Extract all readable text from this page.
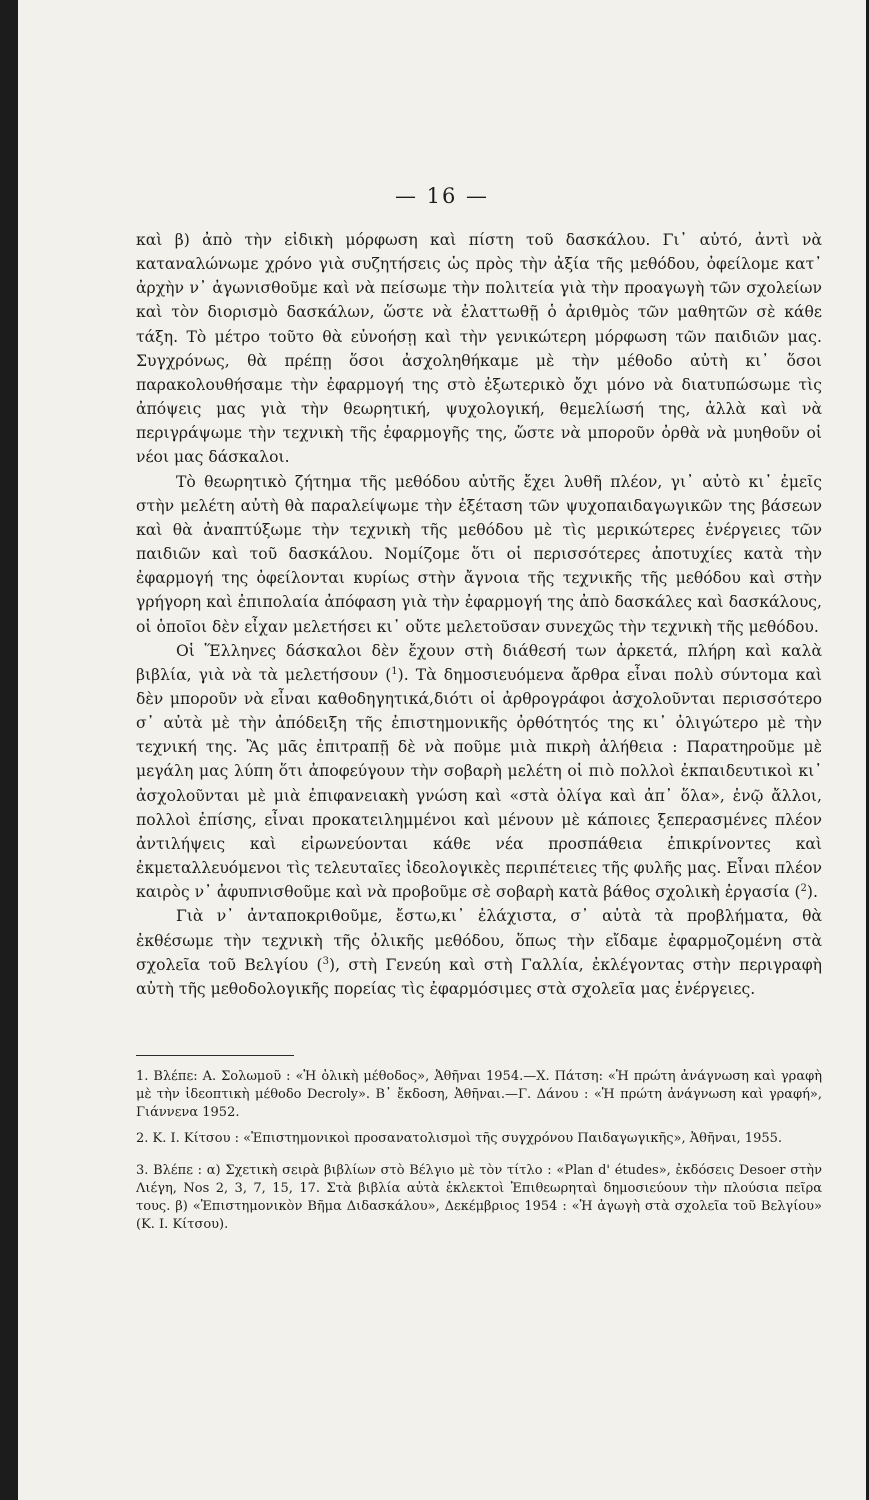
— 16 —

καὶ β) ἀπὸ τὴν εἰδικὴ μόρφωση καὶ πίστη τοῦ δασκάλου. Γι᾽ αὐτό, ἀντὶ νὰ καταναλώνωμε χρόνο γιὰ συζητήσεις ὡς πρὸς τὴν ἀξία τῆς μεθόδου, ὀφείλομε κατ᾽ ἀρχὴν ν᾽ ἀγωνισθοῦμε καὶ νὰ πείσωμε τὴν πολιτεία γιὰ τὴν προαγωγὴ τῶν σχολείων καὶ τὸν διορισμὸ δασκάλων, ὥστε νὰ ἐλαττωθῇ ὁ ἀριθμὸς τῶν μαθητῶν σὲ κάθε τάξη. Τὸ μέτρο τοῦτο θὰ εὐνοήσῃ καὶ τὴν γενικώτερη μόρφωση τῶν παιδιῶν μας. Συγχρόνως, θὰ πρέπῃ ὅσοι ἀσχοληθήκαμε μὲ τὴν μέθοδο αὐτὴ κι᾽ ὅσοι παρακολουθήσαμε τὴν ἐφαρμογή της στὸ ἐξωτερικὸ ὄχι μόνο νὰ διατυπώσωμε τὶς ἀπόψεις μας γιὰ τὴν θεωρητική, ψυχολογική, θεμελίωσή της, ἀλλὰ καὶ νὰ περιγράψωμε τὴν τεχνικὴ τῆς ἐφαρμογῆς της, ὥστε νὰ μποροῦν ὀρθὰ νὰ μυηθοῦν οἱ νέοι μας δάσκαλοι.

Τὸ θεωρητικὸ ζήτημα τῆς μεθόδου αὐτῆς ἔχει λυθῆ πλέον, γι᾽ αὐτὸ κι᾽ ἐμεῖς στὴν μελέτη αὐτὴ θὰ παραλείψωμε τὴν ἐξέταση τῶν ψυχοπαιδαγωγικῶν της βάσεων καὶ θὰ ἀναπτύξωμε τὴν τεχνικὴ τῆς μεθόδου μὲ τὶς μερικώτερες ἐνέργειες τῶν παιδιῶν καὶ τοῦ δασκάλου. Νομίζομε ὅτι οἱ περισσότερες ἀποτυχίες κατὰ τὴν ἐφαρμογή της ὀφείλονται κυρίως στὴν ἄγνοια τῆς τεχνικῆς τῆς μεθόδου καὶ στὴν γρήγορη καὶ ἐπιπολαία ἀπόφαση γιὰ τὴν ἐφαρμογή της ἀπὸ δασκάλες καὶ δασκάλους, οἱ ὁποῖοι δὲν εἶχαν μελετήσει κι᾽ οὔτε μελετοῦσαν συνεχῶς τὴν τεχνικὴ τῆς μεθόδου.

Οἱ Ἕλληνες δάσκαλοι δὲν ἔχουν στὴ διάθεσή των ἀρκετά, πλήρη καὶ καλὰ βιβλία, γιὰ νὰ τὰ μελετήσουν ($^1$). Τὰ δημοσιευόμενα ἄρθρα εἶναι πολὺ σύντομα καὶ δὲν μποροῦν νὰ εἶναι καθοδηγητικά,διότι οἱ ἀρθρογράφοι ἀσχολοῦνται περισσότερο σ᾽ αὐτὰ μὲ τὴν ἀπόδειξη τῆς ἐπιστημονικῆς ὀρθότητός της κι᾽ ὀλιγώτερο μὲ τὴν τεχνική της. Ἂς μᾶς ἐπιτραπῇ δὲ νὰ ποῦμε μιὰ πικρὴ ἀλήθεια : Παρατηροῦμε μὲ μεγάλη μας λύπη ὅτι ἀποφεύγουν τὴν σοβαρὴ μελέτη οἱ πιὸ πολλοὶ ἐκπαιδευτικοὶ κι᾽ ἀσχολοῦνται μὲ μιὰ ἐπιφανειακὴ γνώση καὶ «στὰ ὀλίγα καὶ ἀπ᾽ ὅλα», ἐνῷ ἄλλοι, πολλοὶ ἐπίσης, εἶναι προκατειλημμένοι καὶ μένουν μὲ κάποιες ξεπερασμένες πλέον ἀντιλήψεις καὶ εἰρωνεύονται κάθε νέα προσπάθεια ἐπικρίνοντες καὶ ἐκμεταλλευόμενοι τὶς τελευταῖες ἰδεολογικὲς περιπέτειες τῆς φυλῆς μας. Εἶναι πλέον καιρὸς ν᾽ ἀφυπνισθοῦμε καὶ νὰ προβοῦμε σὲ σοβαρὴ κατὰ βάθος σχολικὴ ἐργασία ($^2$).

Γιὰ ν᾽ ἀνταποκριθοῦμε, ἔστω,κι᾽ ἐλάχιστα, σ᾽ αὐτὰ τὰ προβλήματα, θὰ ἐκθέσωμε τὴν τεχνικὴ τῆς ὁλικῆς μεθόδου, ὅπως τὴν εἴδαμε ἐφαρμοζομένη στὰ σχολεῖα τοῦ Βελγίου ($^3$), στὴ Γενεύη καὶ στὴ Γαλλία, ἐκλέγοντας στὴν περιγραφὴ αὐτὴ τῆς μεθοδολογικῆς πορείας τὶς ἐφαρμόσιμες στὰ σχολεῖα μας ἐνέργειες.

1. Βλέπε: Α. Σολωμοῦ : «Ἡ ὁλικὴ μέθοδος», Ἀθῆναι 1954.—Χ. Πάτση: «Ἡ πρώτη ἀνάγνωση καὶ γραφὴ μὲ τὴν ἰδεοπτικὴ μέθοδο Decroly». Β᾽ ἔκδοση, Ἀθῆναι.—Γ. Δάνου : «Ἡ πρώτη ἀνάγνωση καὶ γραφή», Γιάννενα 1952.

2. Κ. Ι. Κίτσου : «Ἐπιστημονικοὶ προσανατολισμοὶ τῆς συγχρόνου Παιδαγωγικῆς», Ἀθῆναι, 1955.

3. Βλέπε : α) Σχετικὴ σειρὰ βιβλίων στὸ Βέλγιο μὲ τὸν τίτλο : «Plan d' études», ἐκδόσεις Desoer στὴν Λιέγη, Nos 2, 3, 7, 15, 17. Στὰ βιβλία αὐτὰ ἐκλεκτοὶ Ἐπιθεωρηταὶ δημοσιεύουν τὴν πλούσια πεῖρα τους. β) «Ἐπιστημονικὸν Βῆμα Διδασκάλου», Δεκέμβριος 1954 : «Ἡ ἀγωγὴ στὰ σχολεῖα τοῦ Βελγίου» (Κ. Ι. Κίτσου).
